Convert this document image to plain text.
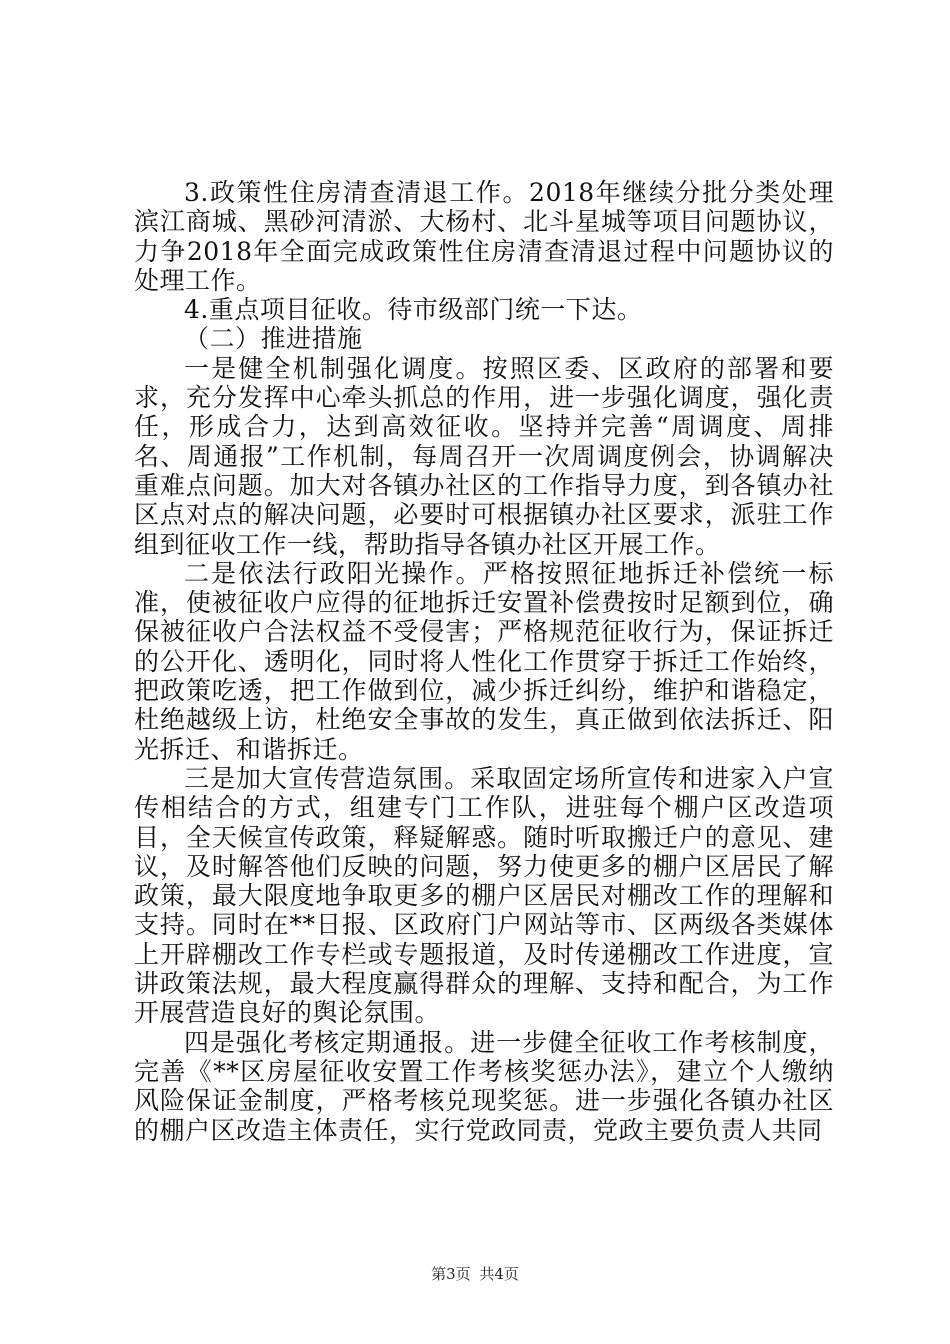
3.政策性住房清查清退工作。2018年继续分批分类处理滨江商城、黑砂河清淤、大杨村、北斗星城等项目问题协议，力争2018年全面完成政策性住房清查清退过程中问题协议的处理工作。

4.重点项目征收。待市级部门统一下达。

（二）推进措施

一是健全机制强化调度。按照区委、区政府的部署和要求，充分发挥中心牵头抓总的作用，进一步强化调度，强化责任，形成合力，达到高效征收。坚持并完善“周调度、周排名、周通报”工作机制，每周召开一次周调度例会，协调解决重难点问题。加大对各镇办社区的工作指导力度，到各镇办社区点对点的解决问题，必要时可根据镇办社区要求，派驻工作组到征收工作一线，帮助指导各镇办社区开展工作。

二是依法行政阳光操作。严格按照征地拆迁补偿统一标准，使被征收户应得的征地拆迁安置补偿费按时足额到位，确保被征收户合法权益不受侵害；严格规范征收行为，保证拆迁的公开化、透明化，同时将人性化工作贯穿于拆迁工作始终，把政策吃透，把工作做到位，减少拆迁纠纷，维护和谐稳定，杜绝越级上访，杜绝安全事故的发生，真正做到依法拆迁、阳光拆迁、和谐拆迁。

三是加大宣传营造氛围。采取固定场所宣传和进家入户宣传相结合的方式，组建专门工作队，进驻每个棚户区改造项目，全天候宣传政策，释疑解惑。随时听取搬迁户的意见、建议，及时解答他们反映的问题，努力使更多的棚户区居民了解政策，最大限度地争取更多的棚户区居民对棚改工作的理解和支持。同时在**日报、区政府门户网站等市、区两级各类媒体上开辟棚改工作专栏或专题报道，及时传递棚改工作进度，宣讲政策法规，最大程度赢得群众的理解、支持和配合，为工作开展营造良好的舆论氛围。

四是强化考核定期通报。进一步健全征收工作考核制度，完善《**区房屋征收安置工作考核奖惩办法》，建立个人缴纳风险保证金制度，严格考核兑现奖惩。进一步强化各镇办社区的棚户区改造主体责任，实行党政同责，党政主要负责人共同

第3页 共4页
